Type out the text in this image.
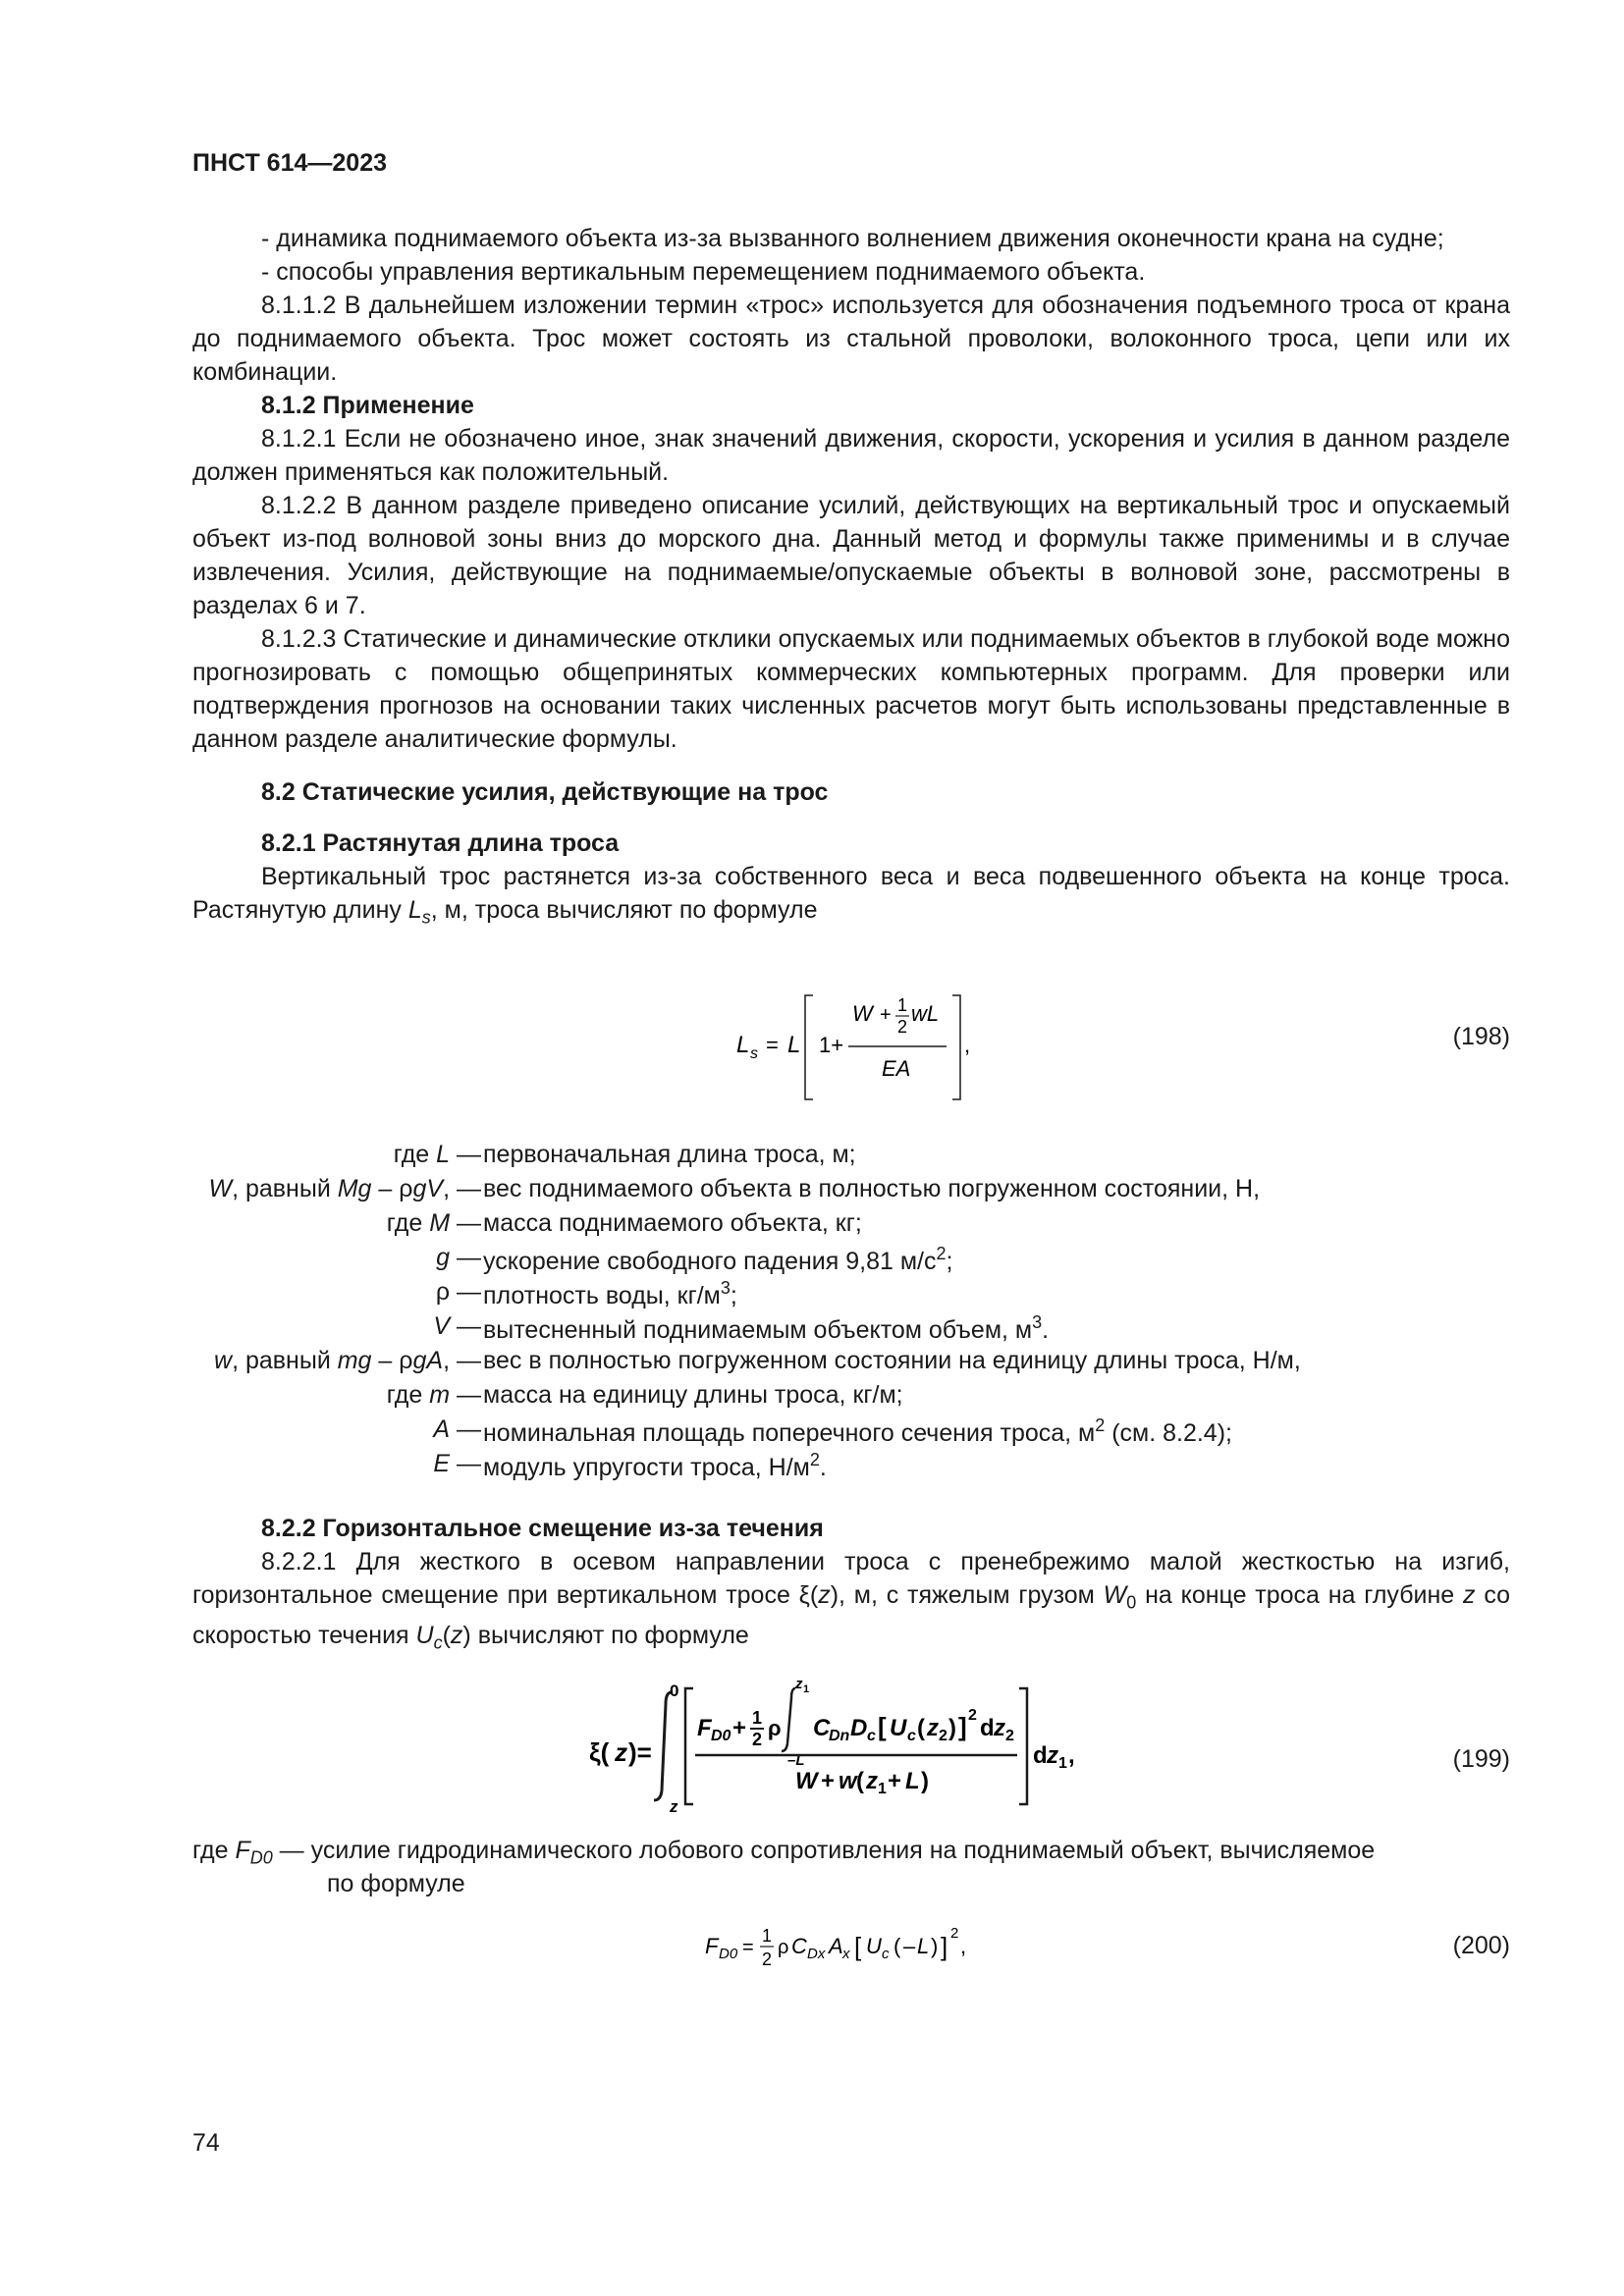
ПНСТ 614—2023

- динамика поднимаемого объекта из-за вызванного волнением движения оконечности крана на судне;

- способы управления вертикальным перемещением поднимаемого объекта.

8.1.1.2 В дальнейшем изложении термин «трос» используется для обозначения подъемного троса от крана до поднимаемого объекта. Трос может состоять из стальной проволоки, волоконного троса, цепи или их комбинации.

8.1.2 Применение

8.1.2.1 Если не обозначено иное, знак значений движения, скорости, ускорения и усилия в данном разделе должен применяться как положительный.

8.1.2.2 В данном разделе приведено описание усилий, действующих на вертикальный трос и опускаемый объект из-под волновой зоны вниз до морского дна. Данный метод и формулы также применимы и в случае извлечения. Усилия, действующие на поднимаемые/опускаемые объекты в волновой зоне, рассмотрены в разделах 6 и 7.

8.1.2.3 Статические и динамические отклики опускаемых или поднимаемых объектов в глубокой воде можно прогнозировать с помощью общепринятых коммерческих компьютерных программ. Для проверки или подтверждения прогнозов на основании таких численных расчетов могут быть использованы представленные в данном разделе аналитические формулы.

8.2 Статические усилия, действующие на трос

8.2.1 Растянутая длина троса

Вертикальный трос растянется из-за собственного веса и веса подвешенного объекта на конце троса. Растянутую длину $L_s$, м, троса вычисляют по формуле

L s = L 1+
W + 1
2
wL
EA
,	(198)
где L — первоначальная длина троса, м;
W, равный Mg – ρgV, — вес поднимаемого объекта в полностью погруженном состоянии, Н,
где M — масса поднимаемого объекта, кг;
g — ускорение свободного падения 9,81 $м/с^2$;
ρ — плотность воды, $кг/м^3$;
V — вытесненный поднимаемым объектом объем, $м^3$.
w, равный mg – ρgA, — вес в полностью погруженном состоянии на единицу длины троса, Н/м,
где m — масса на единицу длины троса, кг/м;
A — номинальная площадь поперечного сечения троса, $м^2$ (см. 8.2.4);
E — модуль упругости троса, $Н/м^2$.

8.2.2 Горизонтальное смещение из-за течения

8.2.2.1 Для жесткого в осевом направлении троса с пренебрежимо малой жесткостью на изгиб, горизонтальное смещение при вертикальном тросе ξ(z), м, с тяжелым грузом $W_0$ на конце троса на глубине z со скоростью течения $U_c(z)$ вычисляют по формуле

ξ( z )=
0
z
F D0 + 1
2 ρ
z 1
–L
C
Dn D c [ U c ( z 2 ) ] 2 d z 2
W + w ( z 1 + L )
d z 1 ,	(199)
где $F_{D0}$ — усилие гидродинамического лобового сопротивления на поднимаемый объект, вычисляемое
по формуле
F D0 =
1
2
ρ C Dx A x [ U c ( – L ) ] 2
,	(200)
74
